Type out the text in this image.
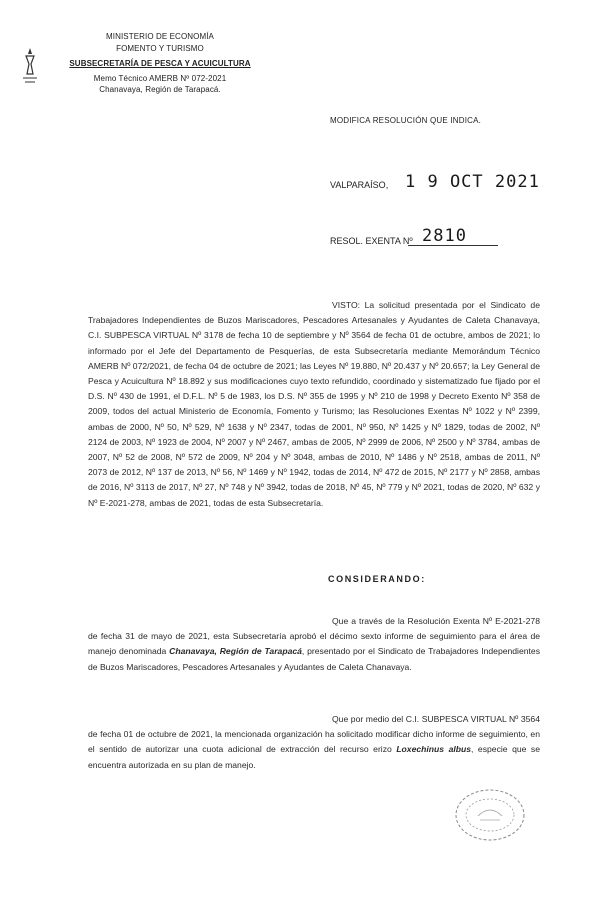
MINISTERIO DE ECONOMÍA
FOMENTO Y TURISMO
SUBSECRETARÍA DE PESCA Y ACUICULTURA
Memo Técnico AMERB Nº 072-2021
Chanavaya, Región de Tarapacá.
MODIFICA RESOLUCIÓN QUE INDICA.
VALPARAÍSO, 1 9 OCT 2021
RESOL. EXENTA Nº 2810
VISTO: La solicitud presentada por el Sindicato de Trabajadores Independientes de Buzos Mariscadores, Pescadores Artesanales y Ayudantes de Caleta Chanavaya, C.I. SUBPESCA VIRTUAL Nº 3178 de fecha 10 de septiembre y Nº 3564 de fecha 01 de octubre, ambos de 2021; lo informado por el Jefe del Departamento de Pesquerías, de esta Subsecretaría mediante Memorándum Técnico AMERB Nº 072/2021, de fecha 04 de octubre de 2021; las Leyes Nº 19.880, Nº 20.437 y Nº 20.657; la Ley General de Pesca y Acuicultura Nº 18.892 y sus modificaciones cuyo texto refundido, coordinado y sistematizado fue fijado por el D.S. Nº 430 de 1991, el D.F.L. Nº 5 de 1983, los D.S. Nº 355 de 1995 y Nº 210 de 1998 y Decreto Exento Nº 358 de 2009, todos del actual Ministerio de Economía, Fomento y Turismo; las Resoluciones Exentas Nº 1022 y Nº 2399, ambas de 2000, Nº 50, Nº 529, Nº 1638 y Nº 2347, todas de 2001, Nº 950, Nº 1425 y Nº 1829, todas de 2002, Nº 2124 de 2003, Nº 1923 de 2004, Nº 2007 y Nº 2467, ambas de 2005, Nº 2999 de 2006, Nº 2500 y Nº 3784, ambas de 2007, Nº 52 de 2008, Nº 572 de 2009, Nº 204 y Nº 3048, ambas de 2010, Nº 1486 y Nº 2518, ambas de 2011, Nº 2073 de 2012, Nº 137 de 2013, Nº 56, Nº 1469 y Nº 1942, todas de 2014, Nº 472 de 2015, Nº 2177 y Nº 2858, ambas de 2016, Nº 3113 de 2017, Nº 27, Nº 748 y Nº 3942, todas de 2018, Nº 45, Nº 779 y Nº 2021, todas de 2020, Nº 632 y Nº E-2021-278, ambas de 2021, todas de esta Subsecretaría.
CONSIDERANDO:
Que a través de la Resolución Exenta Nº E-2021-278 de fecha 31 de mayo de 2021, esta Subsecretaría aprobó el décimo sexto informe de seguimiento para el área de manejo denominada Chanavaya, Región de Tarapacá, presentado por el Sindicato de Trabajadores Independientes de Buzos Mariscadores, Pescadores Artesanales y Ayudantes de Caleta Chanavaya.
Que por medio del C.I. SUBPESCA VIRTUAL Nº 3564 de fecha 01 de octubre de 2021, la mencionada organización ha solicitado modificar dicho informe de seguimiento, en el sentido de autorizar una cuota adicional de extracción del recurso erizo Loxechinus albus, especie que se encuentra autorizada en su plan de manejo.
